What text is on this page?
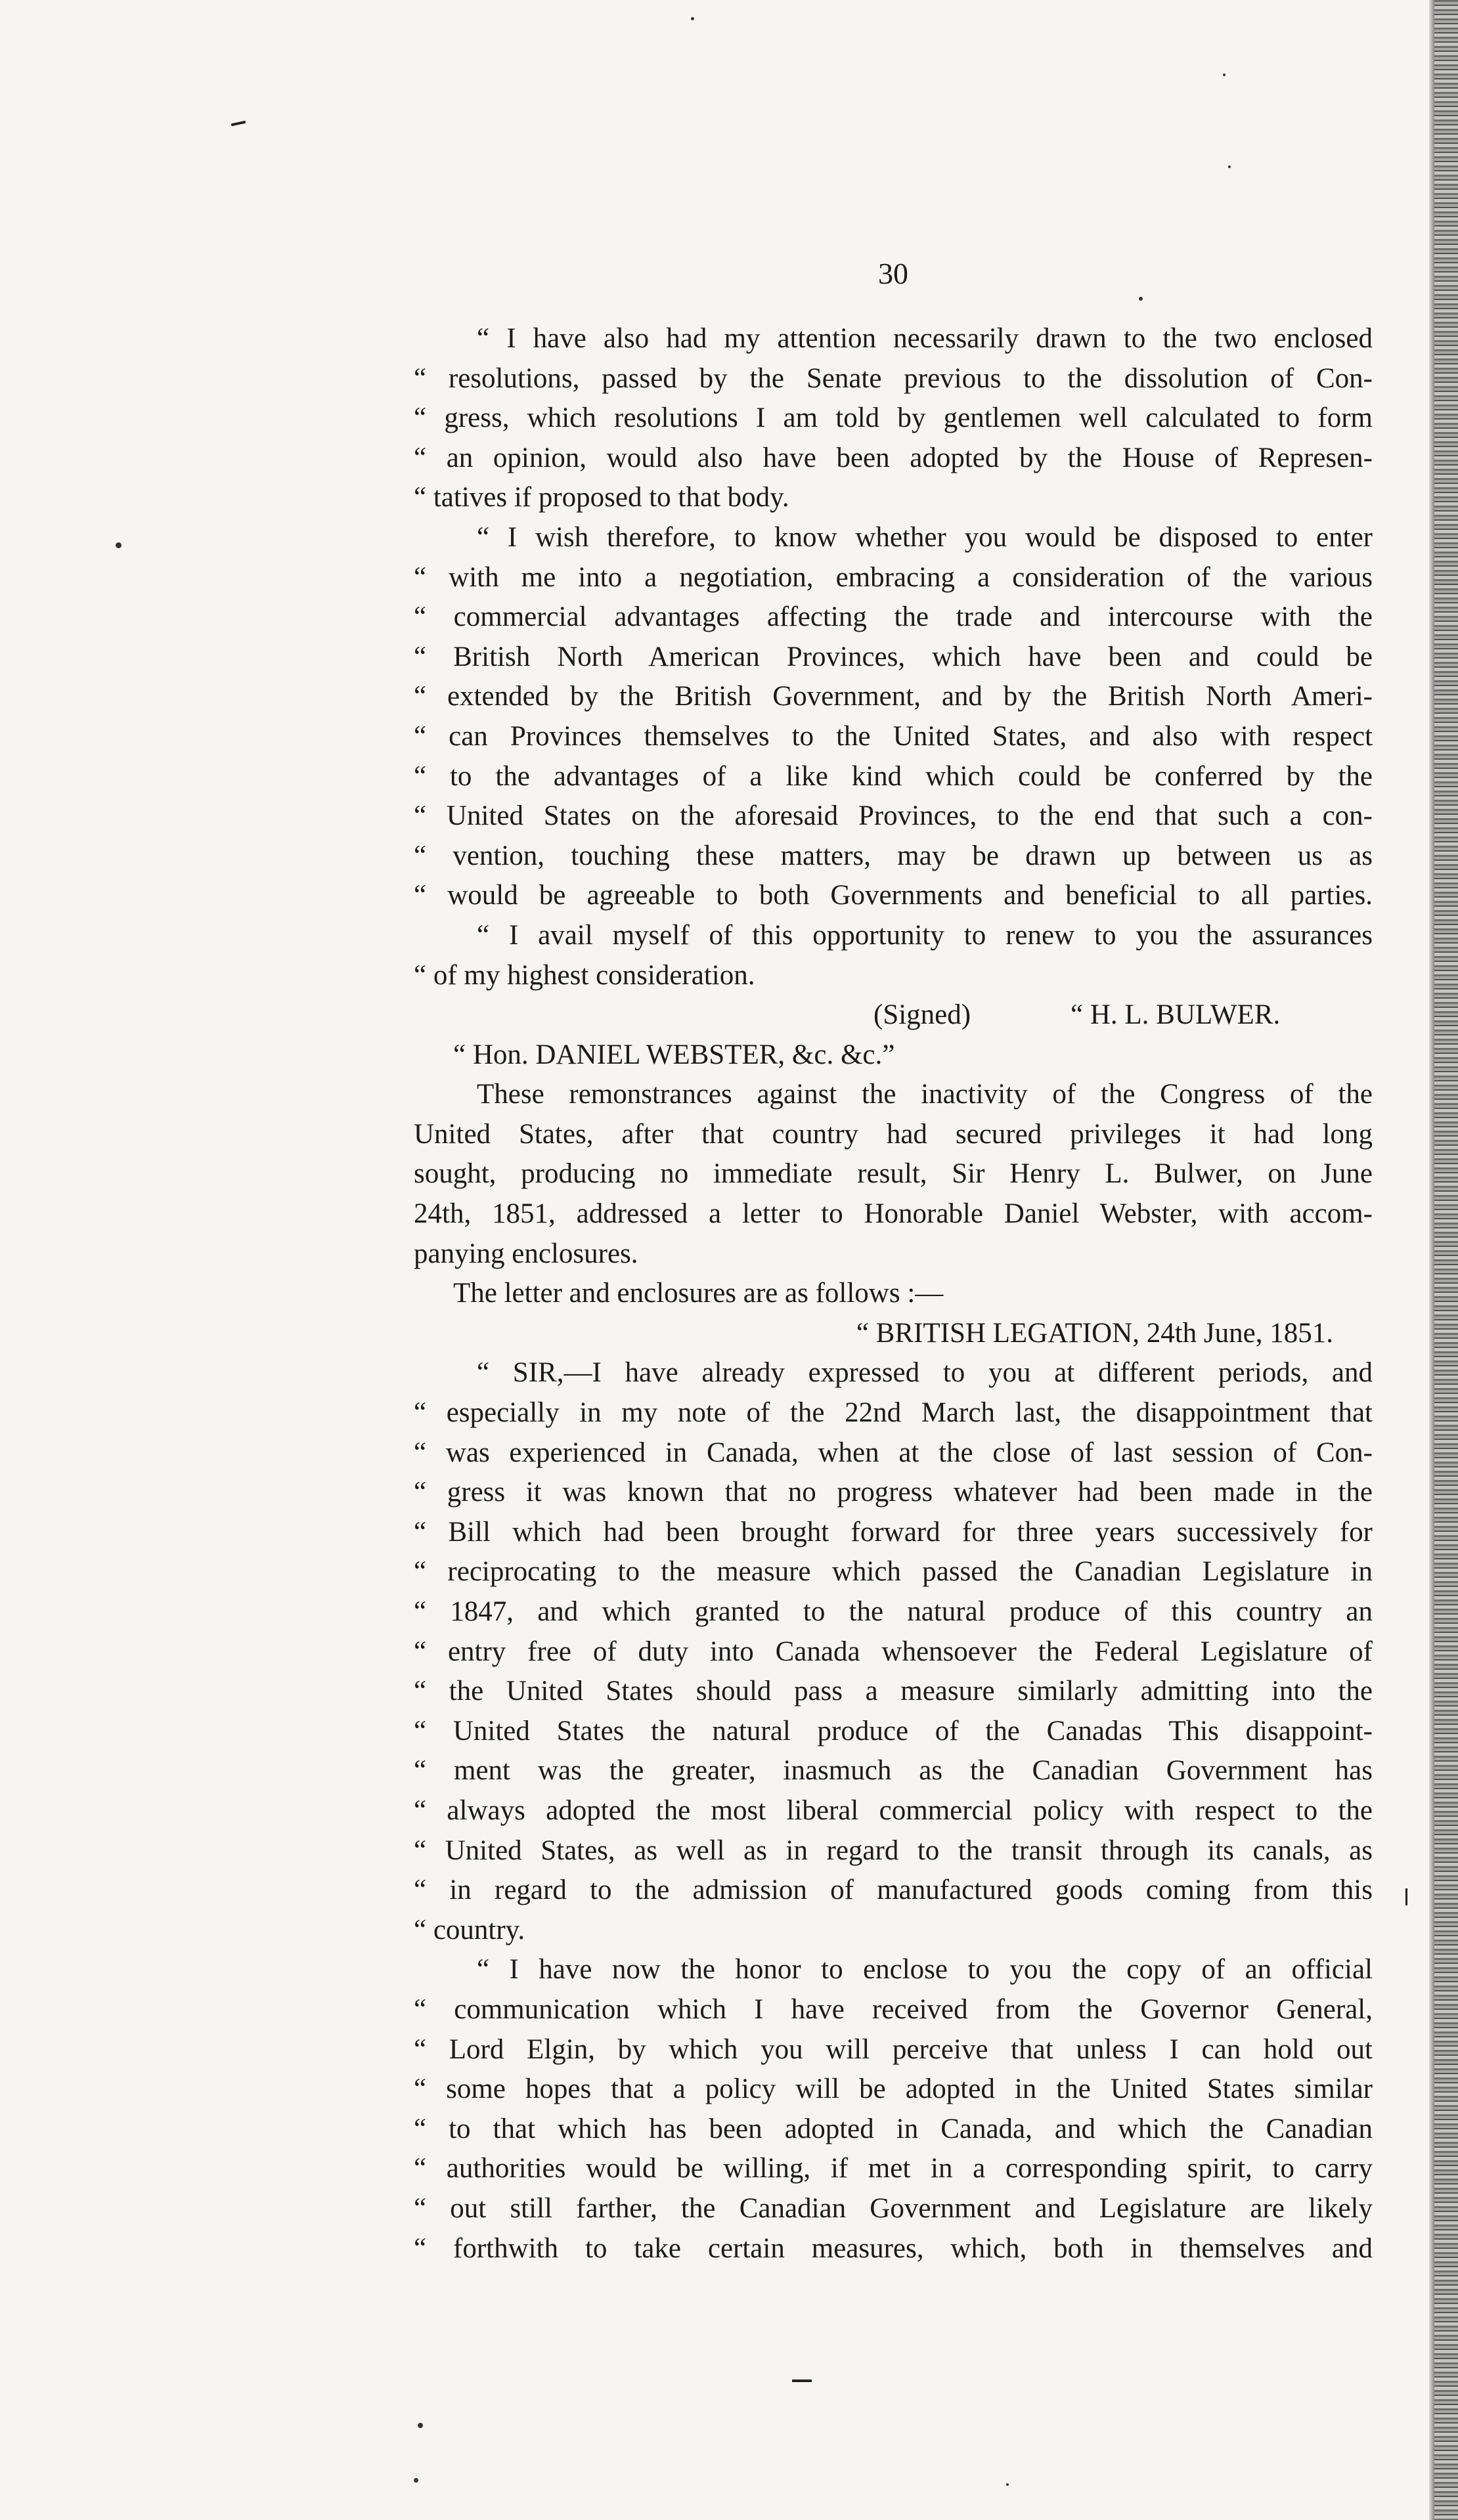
30
“ I have also had my attention necessarily drawn to the two enclosed
“ resolutions, passed by the Senate previous to the dissolution of Con-
“ gress, which resolutions I am told by gentlemen well calculated to form
“ an opinion, would also have been adopted by the House of Represen-
“ tatives if proposed to that body.
“ I wish therefore, to know whether you would be disposed to enter
“ with me into a negotiation, embracing a consideration of the various
“ commercial advantages affecting the trade and intercourse with the
“ British North American Provinces, which have been and could be
“ extended by the British Government, and by the British North Ameri-
“ can Provinces themselves to the United States, and also with respect
“ to the advantages of a like kind which could be conferred by the
“ United States on the aforesaid Provinces, to the end that such a con-
“ vention, touching these matters, may be drawn up between us as
“ would be agreeable to both Governments and beneficial to all parties.
“ I avail myself of this opportunity to renew to you the assurances
“ of my highest consideration.
(Signed)	“ H. L. BULWER.

“ Hon. DANIEL WEBSTER, &c. &c.”
These remonstrances against the inactivity of the Congress of the
United States, after that country had secured privileges it had long
sought, producing no immediate result, Sir Henry L. Bulwer, on June
24th, 1851, addressed a letter to Honorable Daniel Webster, with accom-
panying enclosures.
The letter and enclosures are as follows :—
“ BRITISH LEGATION, 24th June, 1851.
“ SIR,—I have already expressed to you at different periods, and
“ especially in my note of the 22nd March last, the disappointment that
“ was experienced in Canada, when at the close of last session of Con-
“ gress it was known that no progress whatever had been made in the
“ Bill which had been brought forward for three years successively for
“ reciprocating to the measure which passed the Canadian Legislature in
“ 1847, and which granted to the natural produce of this country an
“ entry free of duty into Canada whensoever the Federal Legislature of
“ the United States should pass a measure similarly admitting into the
“ United States the natural produce of the Canadas This disappoint-
“ ment was the greater, inasmuch as the Canadian Government has
“ always adopted the most liberal commercial policy with respect to the
“ United States, as well as in regard to the transit through its canals, as
“ in regard to the admission of manufactured goods coming from this
“ country.
“ I have now the honor to enclose to you the copy of an official
“ communication which I have received from the Governor General,
“ Lord Elgin, by which you will perceive that unless I can hold out
“ some hopes that a policy will be adopted in the United States similar
“ to that which has been adopted in Canada, and which the Canadian
“ authorities would be willing, if met in a corresponding spirit, to carry
“ out still farther, the Canadian Government and Legislature are likely
“ forthwith to take certain measures, which, both in themselves and
